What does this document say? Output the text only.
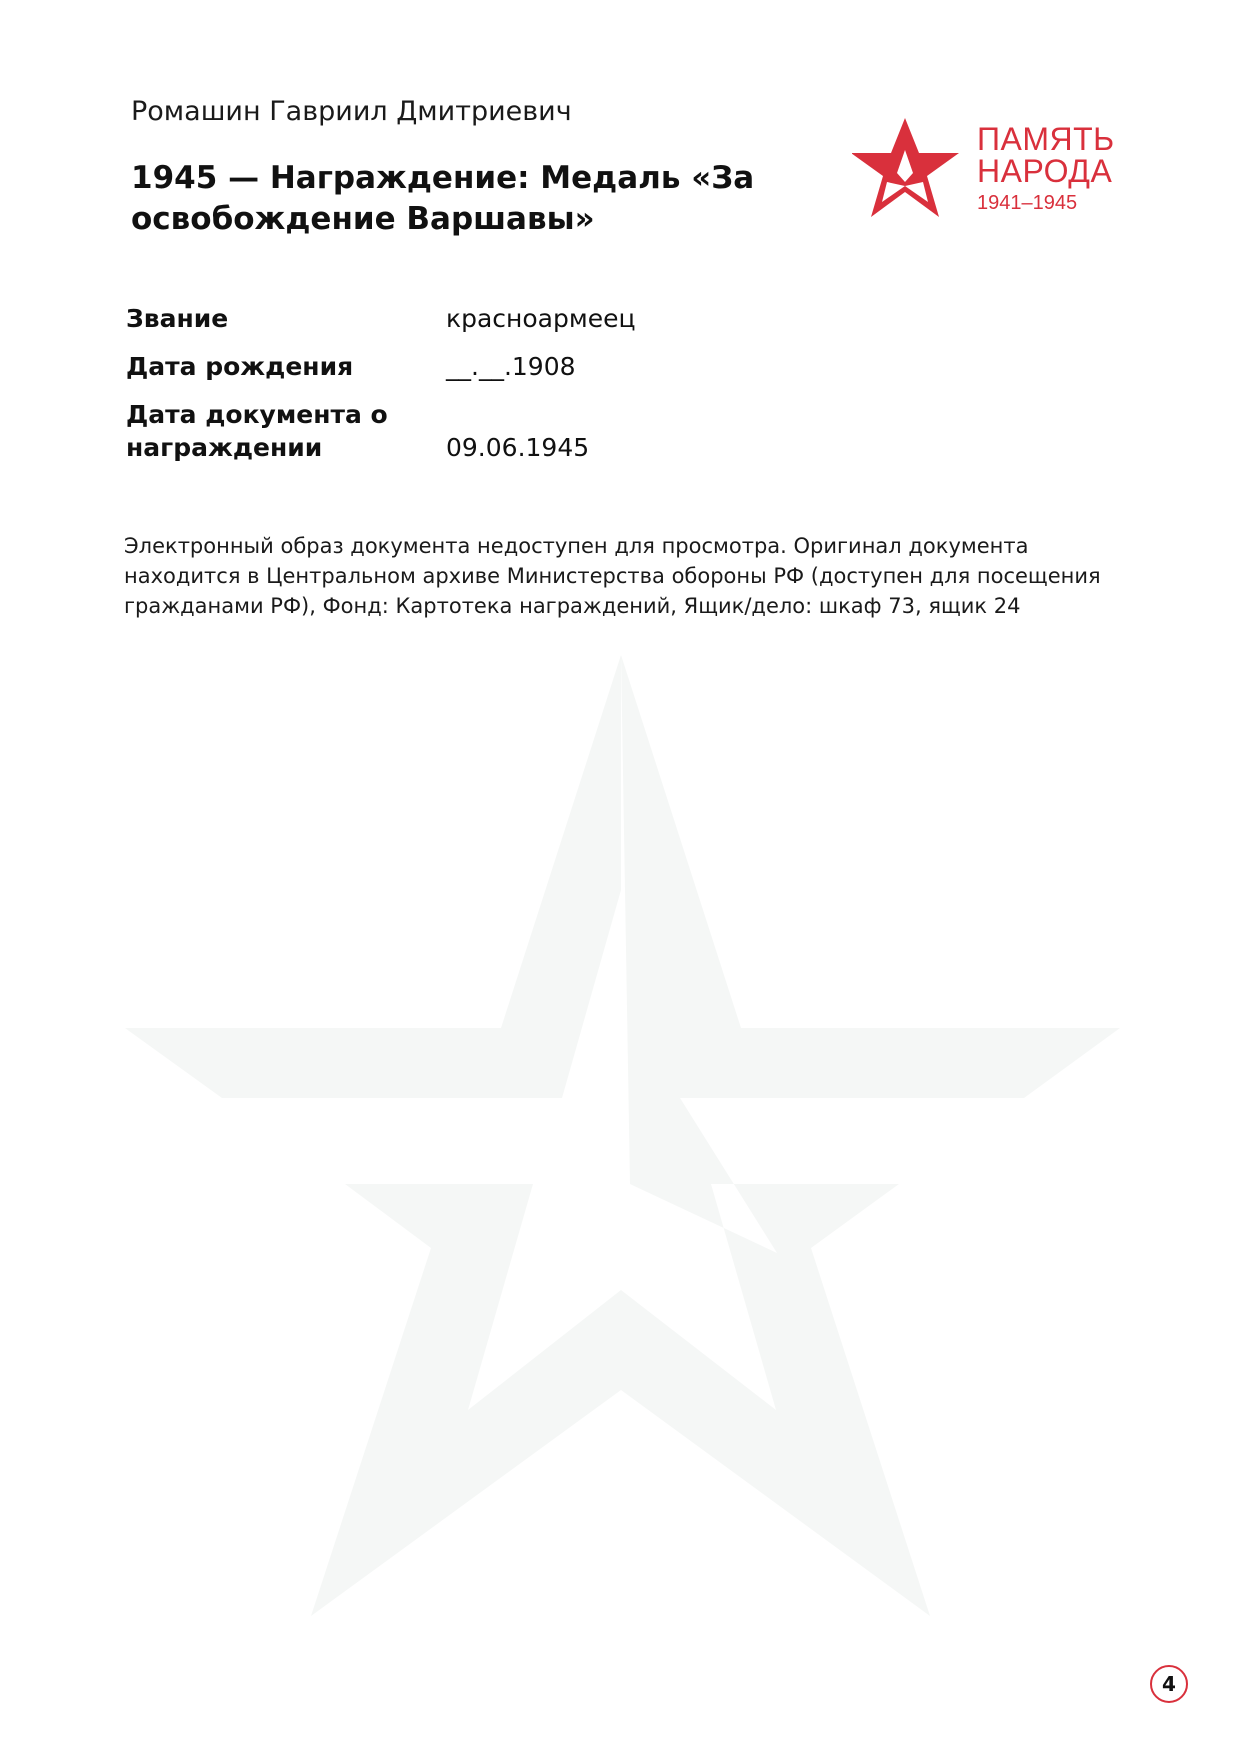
Ромашин Гавриил Дмитриевич
1945 — Награждение: Медаль «За освобождение Варшавы»
ПАМЯТЬ
НАРОДА
1941–1945
Звание	красноармеец
Дата рождения	__.__.1908
Дата документа о награждении	09.06.1945
Электронный образ документа недоступен для просмотра. Оригинал документа находится в Центральном архиве Министерства обороны РФ (доступен для посещения гражданами РФ), Фонд: Картотека награждений, Ящик/дело: шкаф 73, ящик 24
4
